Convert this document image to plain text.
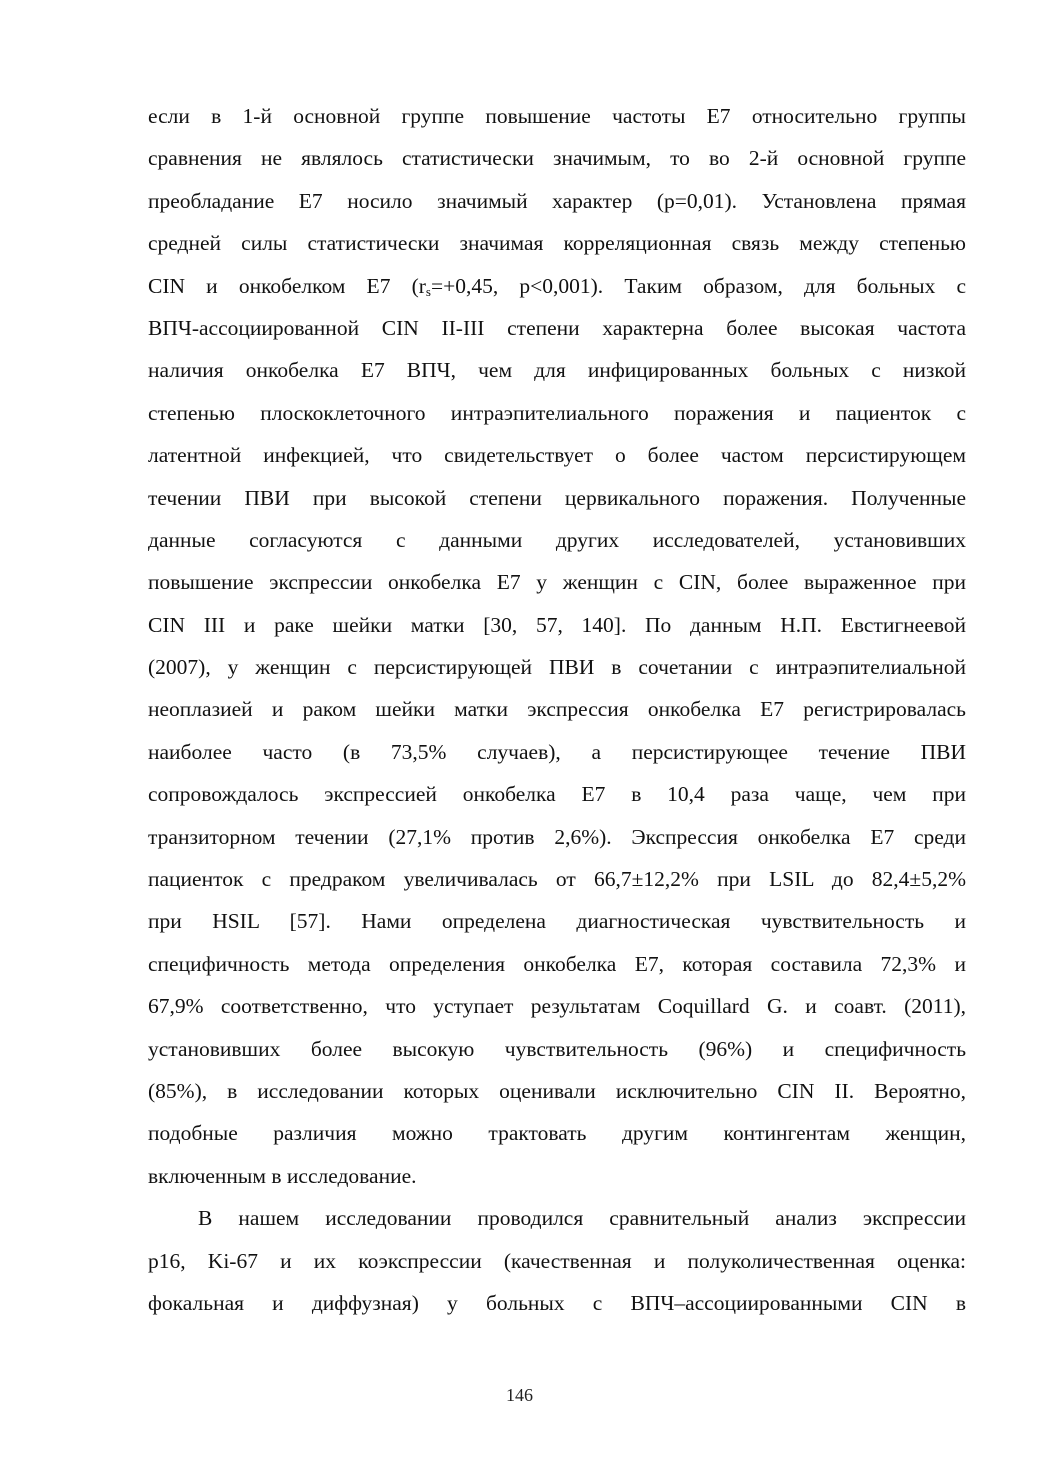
если в 1-й основной группе повышение частоты Е7 относительно группы
сравнения не являлось статистически значимым, то во 2-й основной группе
преобладание Е7 носило значимый характер (р=0,01). Установлена прямая
средней силы статистически значимая корреляционная связь между степенью
CIN и онкобелком Е7 ($r_s=+0,45$, р<0,001). Таким образом, для больных с
ВПЧ-ассоциированной CIN II-III степени характерна более высокая частота
наличия онкобелка Е7 ВПЧ, чем для инфицированных больных с низкой
степенью плоскоклеточного интраэпителиального поражения и пациенток с
латентной инфекцией, что свидетельствует о более частом персистирующем
течении ПВИ при высокой степени цервикального поражения. Полученные
данные согласуются с данными других исследователей, установивших
повышение экспрессии онкобелка Е7 у женщин с CIN, более выраженное при
CIN III и раке шейки матки [30, 57, 140]. По данным Н.П. Евстигнеевой
(2007), у женщин с персистирующей ПВИ в сочетании с интраэпителиальной
неоплазией и раком шейки матки экспрессия онкобелка Е7 регистрировалась
наиболее часто (в 73,5% случаев), а персистирующее течение ПВИ
сопровождалось экспрессией онкобелка Е7 в 10,4 раза чаще, чем при
транзиторном течении (27,1% против 2,6%). Экспрессия онкобелка Е7 среди
пациенток с предраком увеличивалась от 66,7±12,2% при LSIL до 82,4±5,2%
при HSIL [57]. Нами определена диагностическая чувствительность и
специфичность метода определения онкобелка Е7, которая составила 72,3% и
67,9% соответственно, что уступает результатам Coquillard G. и соавт. (2011),
установивших более высокую чувствительность (96%) и специфичность
(85%), в исследовании которых оценивали исключительно CIN II. Вероятно,
подобные различия можно трактовать другим контингентам женщин,
включенным в исследование.

В нашем исследовании проводился сравнительный анализ экспрессии
р16, Ki-67 и их коэкспрессии (качественная и полуколичественная оценка:
фокальная и диффузная) у больных с ВПЧ–ассоциированными CIN в

146
